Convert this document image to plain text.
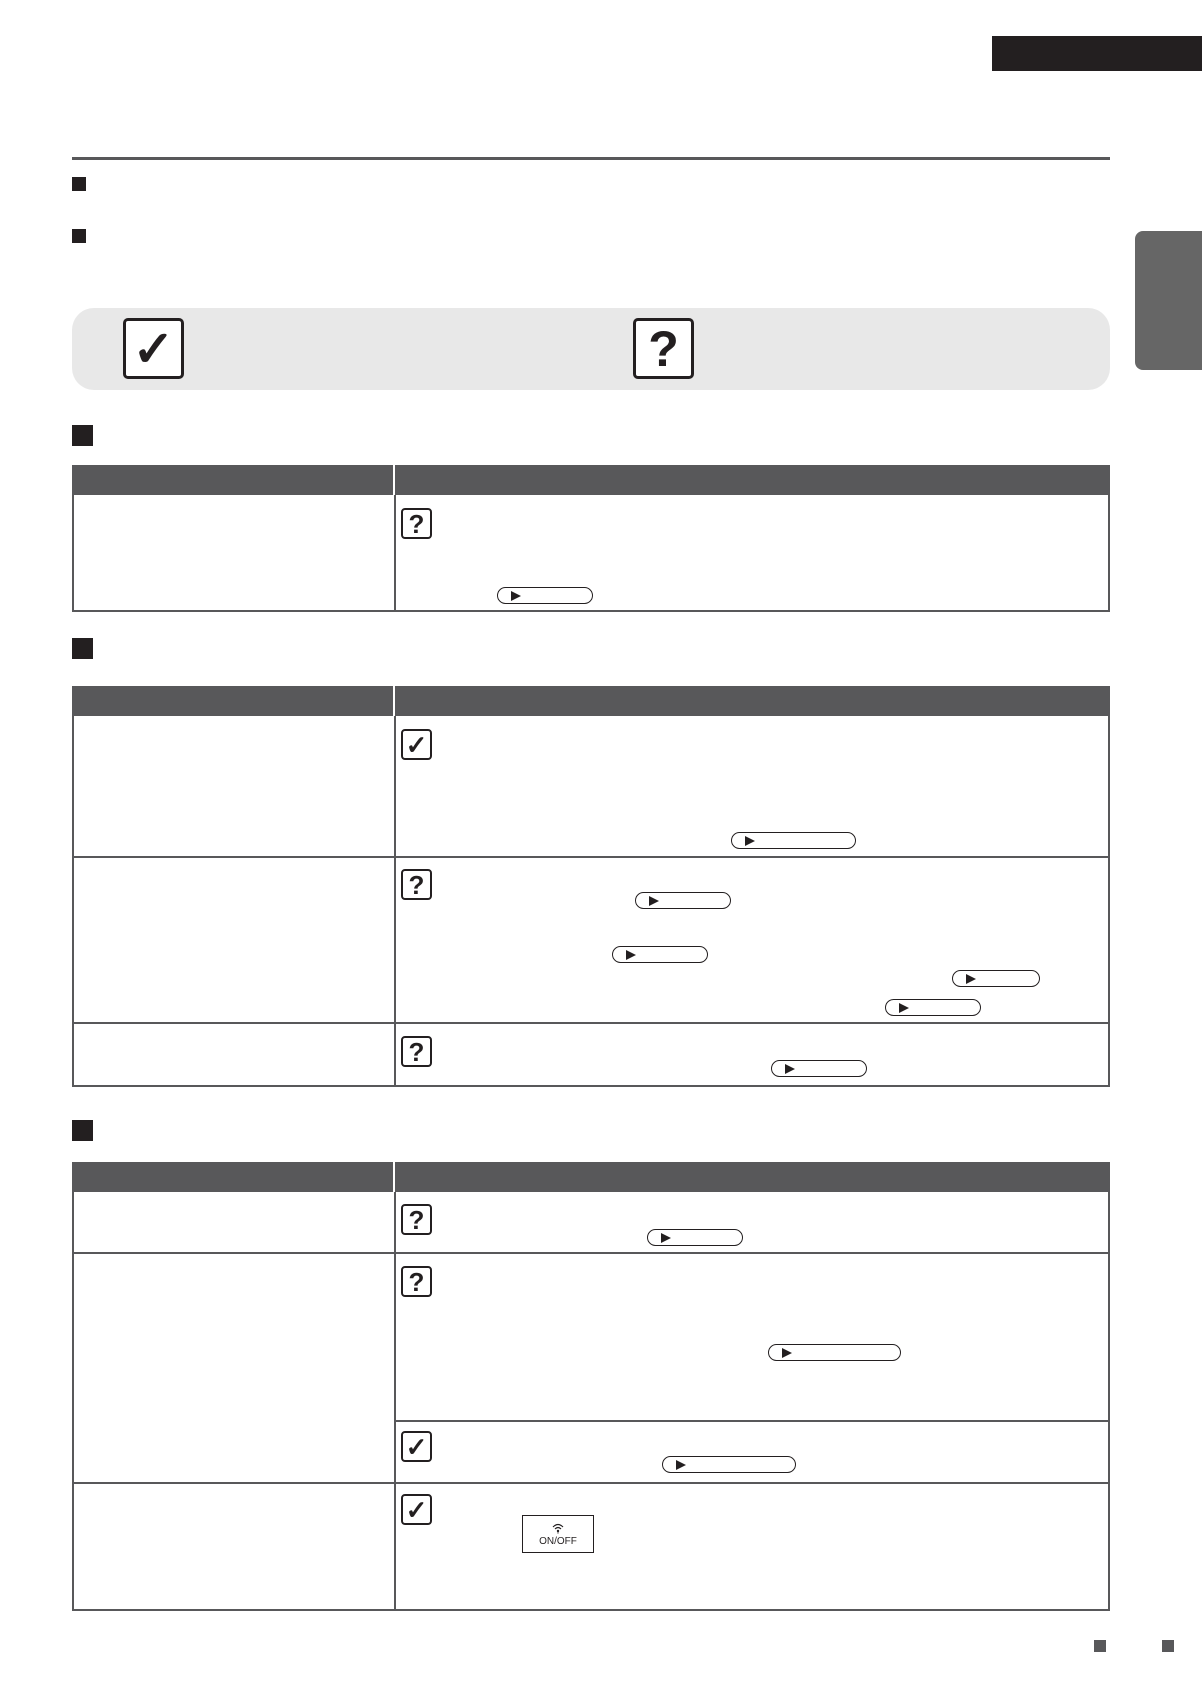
✓	?
?
✓
?
?
?
?
✓
✓
ON/OFF
